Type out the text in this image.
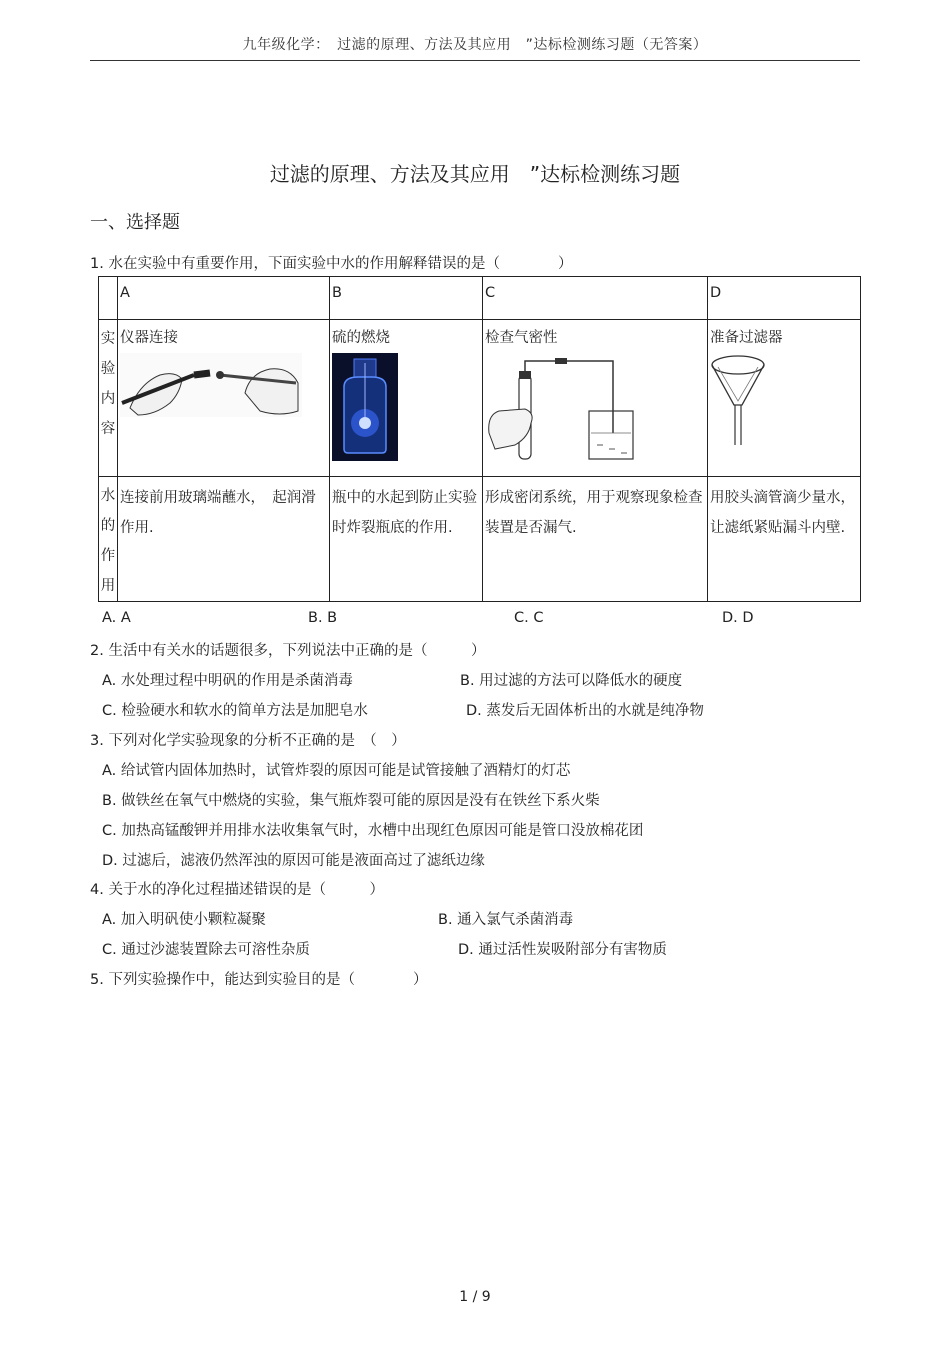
九年级化学：　过滤的原理、方法及其应用　”达标检测练习题（无答案）
过滤的原理、方法及其应用　”达标检测练习题
一、选择题
1. 水在实验中有重要作用，下面实验中水的作用解释错误的是（　　　　）

	A	B	C	D

实
验
内
容	仪器连接	硫的燃烧	检查气密性	准备过滤器

水
的
作
用	连接前用玻璃端蘸水，　起润滑作用.	瓶中的水起到防止实验时炸裂瓶底的作用.	形成密闭系统，用于观察现象检查装置是否漏气.	用胶头滴管滴少量水，让滤纸紧贴漏斗内壁.
A. A	B. B	C. C	D. D
2. 生活中有关水的话题很多，下列说法中正确的是（　　　）
A. 水处理过程中明矾的作用是杀菌消毒	B. 用过滤的方法可以降低水的硬度
C. 检验硬水和软水的简单方法是加肥皂水	D. 蒸发后无固体析出的水就是纯净物
3. 下列对化学实验现象的分析不正确的是　（　）
A. 给试管内固体加热时，试管炸裂的原因可能是试管接触了酒精灯的灯芯
B. 做铁丝在氧气中燃烧的实验，集气瓶炸裂可能的原因是没有在铁丝下系火柴
C. 加热高锰酸钾并用排水法收集氧气时，水槽中出现红色原因可能是管口没放棉花团
D. 过滤后，滤液仍然浑浊的原因可能是液面高过了滤纸边缘
4. 关于水的净化过程描述错误的是（　　　）
A. 加入明矾使小颗粒凝聚	B. 通入氯气杀菌消毒
C. 通过沙滤装置除去可溶性杂质	D. 通过活性炭吸附部分有害物质
5. 下列实验操作中，能达到实验目的是（　　　　）
1 / 9
